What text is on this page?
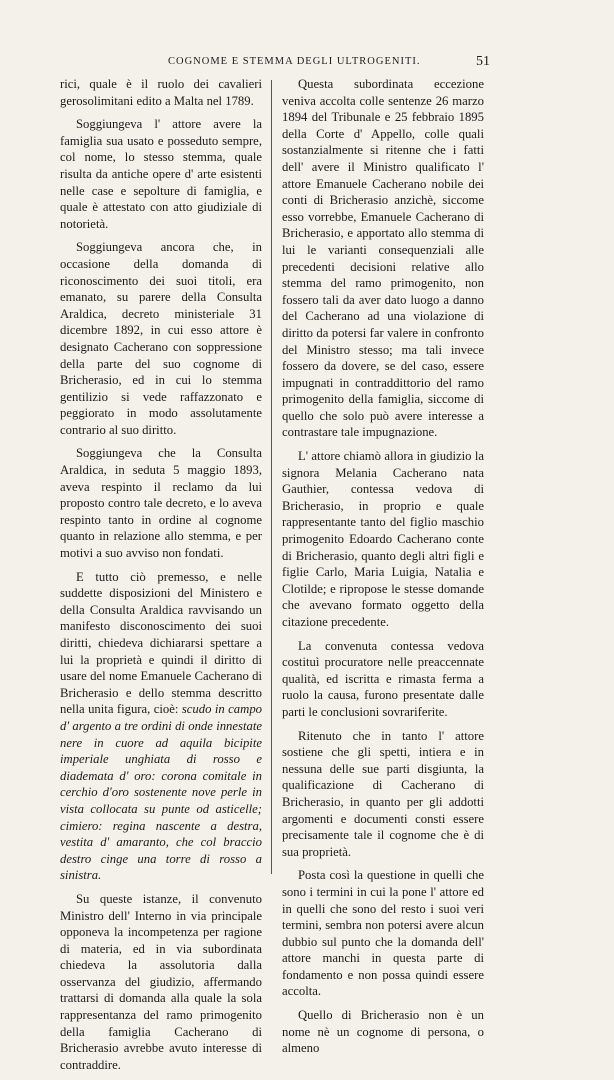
COGNOME E STEMMA DEGLI ULTROGENITI.	51

rici, quale è il ruolo dei cavalieri gerosolimitani edito a Malta nel 1789.

Soggiungeva l' attore avere la famiglia sua usato e posseduto sempre, col nome, lo stesso stemma, quale risulta da antiche opere d' arte esistenti nelle case e sepolture di famiglia, e quale è attestato con atto giudiziale di notorietà.

Soggiungeva ancora che, in occasione della domanda di riconoscimento dei suoi titoli, era emanato, su parere della Consulta Araldica, decreto ministeriale 31 dicembre 1892, in cui esso attore è designato Cacherano con soppressione della parte del suo cognome di Bricherasio, ed in cui lo stemma gentilizio si vede raffazzonato e peggiorato in modo assolutamente contrario al suo diritto.

Soggiungeva che la Consulta Araldica, in seduta 5 maggio 1893, aveva respinto il reclamo da lui proposto contro tale decreto, e lo aveva respinto tanto in ordine al cognome quanto in relazione allo stemma, e per motivi a suo avviso non fondati.

E tutto ciò premesso, e nelle suddette disposizioni del Ministero e della Consulta Araldica ravvisando un manifesto disconoscimento dei suoi diritti, chiedeva dichiararsi spettare a lui la proprietà e quindi il diritto di usare del nome Emanuele Cacherano di Bricherasio e dello stemma descritto nella unita figura, cioè: scudo in campo d' argento a tre ordini di onde innestate nere in cuore ad aquila bicipite imperiale unghiata di rosso e diademata d' oro: corona comitale in cerchio d'oro sostenente nove perle in vista collocata su punte od asticelle; cimiero: regina nascente a destra, vestita d' amaranto, che col braccio destro cinge una torre di rosso a sinistra.

Su queste istanze, il convenuto Ministro dell' Interno in via principale opponeva la incompetenza per ragione di materia, ed in via subordinata chiedeva la assolutoria dalla osservanza del giudizio, affermando trattarsi di domanda alla quale la sola rappresentanza del ramo primogenito della famiglia Cacherano di Bricherasio avrebbe avuto interesse di contraddire.

Questa subordinata eccezione veniva accolta colle sentenze 26 marzo 1894 del Tribunale e 25 febbraio 1895 della Corte d' Appello, colle quali sostanzialmente si ritenne che i fatti dell' avere il Ministro qualificato l' attore Emanuele Cacherano nobile dei conti di Bricherasio anzichè, siccome esso vorrebbe, Emanuele Cacherano di Bricherasio, e apportato allo stemma di lui le varianti consequenziali alle precedenti decisioni relative allo stemma del ramo primogenito, non fossero tali da aver dato luogo a danno del Cacherano ad una violazione di diritto da potersi far valere in confronto del Ministro stesso; ma tali invece fossero da dovere, se del caso, essere impugnati in contraddittorio del ramo primogenito della famiglia, siccome di quello che solo può avere interesse a contrastare tale impugnazione.

L' attore chiamò allora in giudizio la signora Melania Cacherano nata Gauthier, contessa vedova di Bricherasio, in proprio e quale rappresentante tanto del figlio maschio primogenito Edoardo Cacherano conte di Bricherasio, quanto degli altri figli e figlie Carlo, Maria Luigia, Natalia e Clotilde; e ripropose le stesse domande che avevano formato oggetto della citazione precedente.

La convenuta contessa vedova costituì procuratore nelle preaccennate qualità, ed iscritta e rimasta ferma a ruolo la causa, furono presentate dalle parti le conclusioni sovrariferite.

Ritenuto che in tanto l' attore sostiene che gli spetti, intiera e in nessuna delle sue parti disgiunta, la qualificazione di Cacherano di Bricherasio, in quanto per gli addotti argomenti e documenti consti essere precisamente tale il cognome che è di sua proprietà.

Posta così la questione in quelli che sono i termini in cui la pone l' attore ed in quelli che sono del resto i suoi veri termini, sembra non potersi avere alcun dubbio sul punto che la domanda dell' attore manchi in questa parte di fondamento e non possa quindi essere accolta.

Quello di Bricherasio non è un nome nè un cognome di persona, o almeno
